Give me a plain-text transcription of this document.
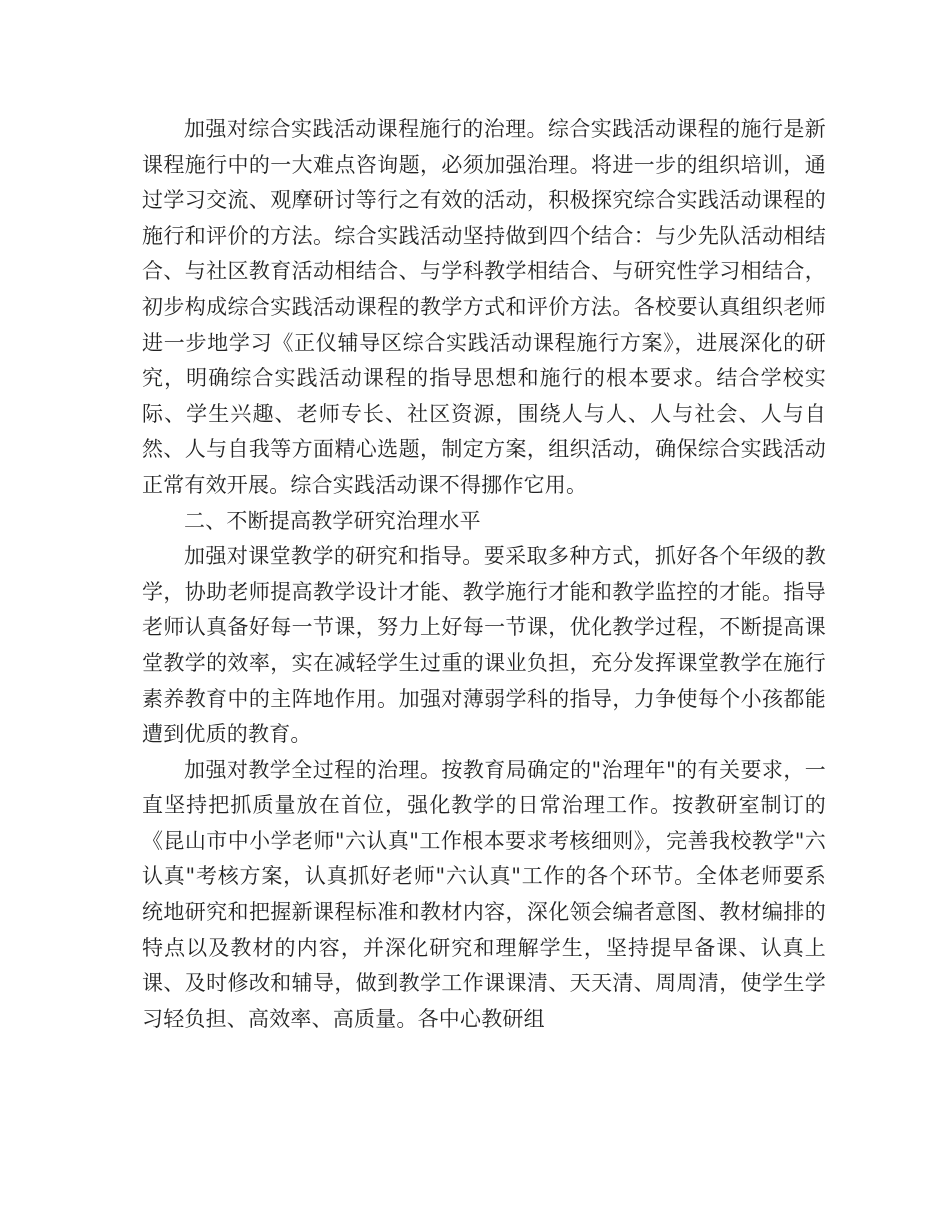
加强对综合实践活动课程施行的治理。综合实践活动课程的施行是新课程施行中的一大难点咨询题，必须加强治理。将进一步的组织培训，通过学习交流、观摩研讨等行之有效的活动，积极探究综合实践活动课程的施行和评价的方法。综合实践活动坚持做到四个结合：与少先队活动相结合、与社区教育活动相结合、与学科教学相结合、与研究性学习相结合，初步构成综合实践活动课程的教学方式和评价方法。各校要认真组织老师进一步地学习《正仪辅导区综合实践活动课程施行方案》，进展深化的研究，明确综合实践活动课程的指导思想和施行的根本要求。结合学校实际、学生兴趣、老师专长、社区资源，围绕人与人、人与社会、人与自然、人与自我等方面精心选题，制定方案，组织活动，确保综合实践活动正常有效开展。综合实践活动课不得挪作它用。

二、不断提高教学研究治理水平

加强对课堂教学的研究和指导。要采取多种方式，抓好各个年级的教学，协助老师提高教学设计才能、教学施行才能和教学监控的才能。指导老师认真备好每一节课，努力上好每一节课，优化教学过程，不断提高课堂教学的效率，实在减轻学生过重的课业负担，充分发挥课堂教学在施行素养教育中的主阵地作用。加强对薄弱学科的指导，力争使每个小孩都能遭到优质的教育。

加强对教学全过程的治理。按教育局确定的"治理年"的有关要求，一直坚持把抓质量放在首位，强化教学的日常治理工作。按教研室制订的《昆山市中小学老师"六认真"工作根本要求考核细则》，完善我校教学"六认真"考核方案，认真抓好老师"六认真"工作的各个环节。全体老师要系统地研究和把握新课程标准和教材内容，深化领会编者意图、教材编排的特点以及教材的内容，并深化研究和理解学生，坚持提早备课、认真上课、及时修改和辅导，做到教学工作课课清、天天清、周周清，使学生学习轻负担、高效率、高质量。各中心教研组
